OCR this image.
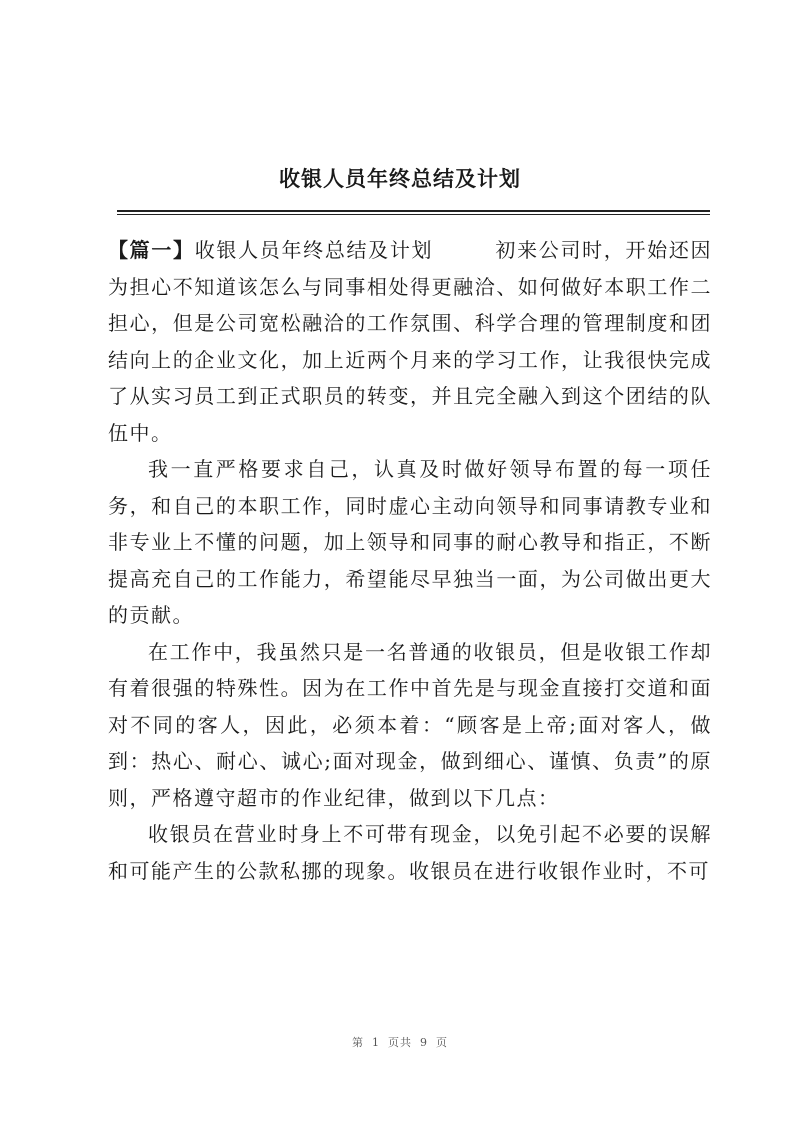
收银人员年终总结及计划

【篇一】收银人员年终总结及计划	初来公司时，开始还因为担心不知道该怎么与同事相处得更融洽、如何做好本职工作二担心，但是公司宽松融洽的工作氛围、科学合理的管理制度和团结向上的企业文化，加上近两个月来的学习工作，让我很快完成了从实习员工到正式职员的转变，并且完全融入到这个团结的队伍中。

我一直严格要求自己，认真及时做好领导布置的每一项任务，和自己的本职工作，同时虚心主动向领导和同事请教专业和非专业上不懂的问题，加上领导和同事的耐心教导和指正，不断提高充自己的工作能力，希望能尽早独当一面，为公司做出更大的贡献。

在工作中，我虽然只是一名普通的收银员，但是收银工作却有着很强的特殊性。因为在工作中首先是与现金直接打交道和面对不同的客人，因此，必须本着：“顾客是上帝;面对客人，做到：热心、耐心、诚心;面对现金，做到细心、谨慎、负责”的原则，严格遵守超市的作业纪律，做到以下几点：

收银员在营业时身上不可带有现金，以免引起不必要的误解和可能产生的公款私挪的现象。收银员在进行收银作业时，不可

第 1 页共 9 页
